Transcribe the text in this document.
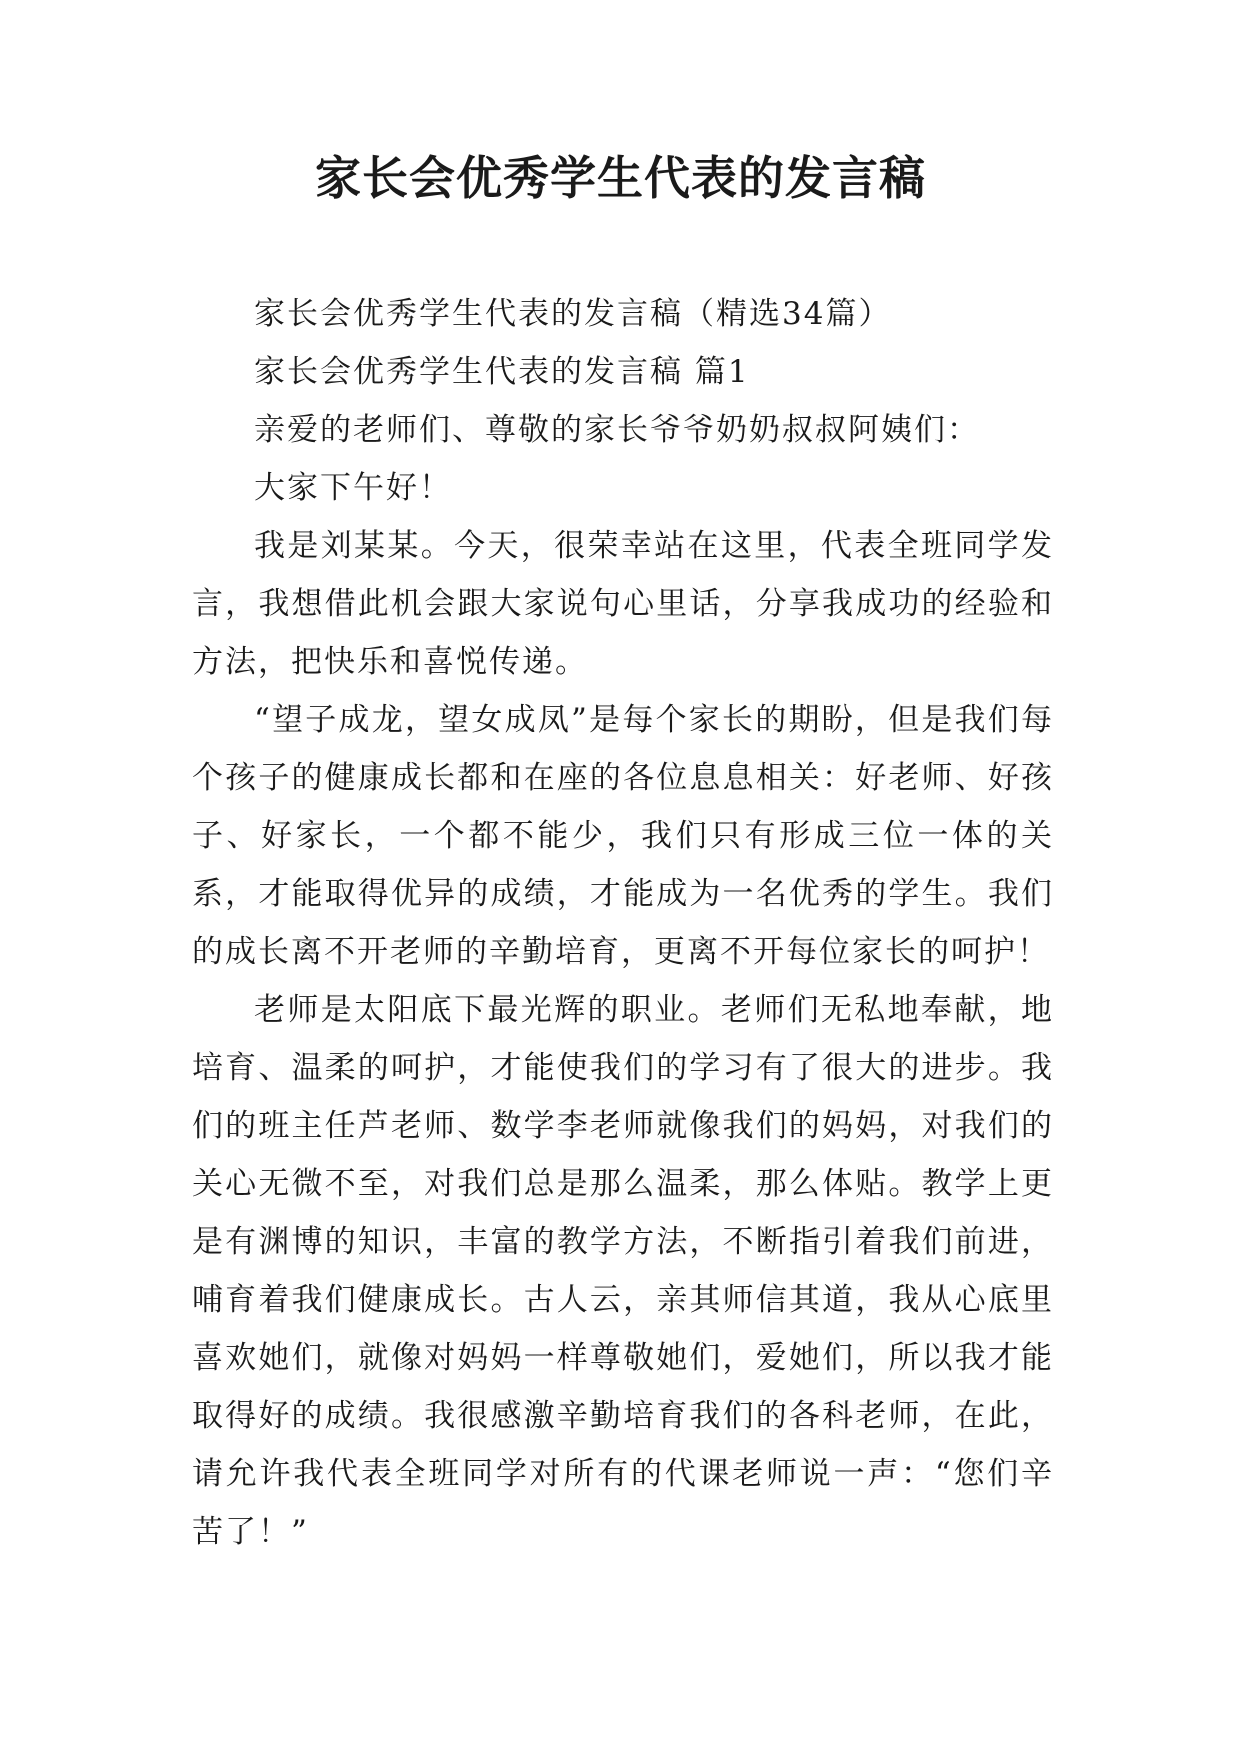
家长会优秀学生代表的发言稿

家长会优秀学生代表的发言稿（精选34篇）

家长会优秀学生代表的发言稿 篇1

亲爱的老师们、尊敬的家长爷爷奶奶叔叔阿姨们：

大家下午好！

我是刘某某。今天，很荣幸站在这里，代表全班同学发言，我想借此机会跟大家说句心里话，分享我成功的经验和方法，把快乐和喜悦传递。

“望子成龙，望女成凤”是每个家长的期盼，但是我们每个孩子的健康成长都和在座的各位息息相关：好老师、好孩子、好家长，一个都不能少，我们只有形成三位一体的关系，才能取得优异的成绩，才能成为一名优秀的学生。我们的成长离不开老师的辛勤培育，更离不开每位家长的呵护！

老师是太阳底下最光辉的职业。老师们无私地奉献，地培育、温柔的呵护，才能使我们的学习有了很大的进步。我们的班主任芦老师、数学李老师就像我们的妈妈，对我们的关心无微不至，对我们总是那么温柔，那么体贴。教学上更是有渊博的知识，丰富的教学方法，不断指引着我们前进，哺育着我们健康成长。古人云，亲其师信其道，我从心底里喜欢她们，就像对妈妈一样尊敬她们，爱她们，所以我才能取得好的成绩。我很感激辛勤培育我们的各科老师，在此，请允许我代表全班同学对所有的代课老师说一声：“您们辛苦了！”
